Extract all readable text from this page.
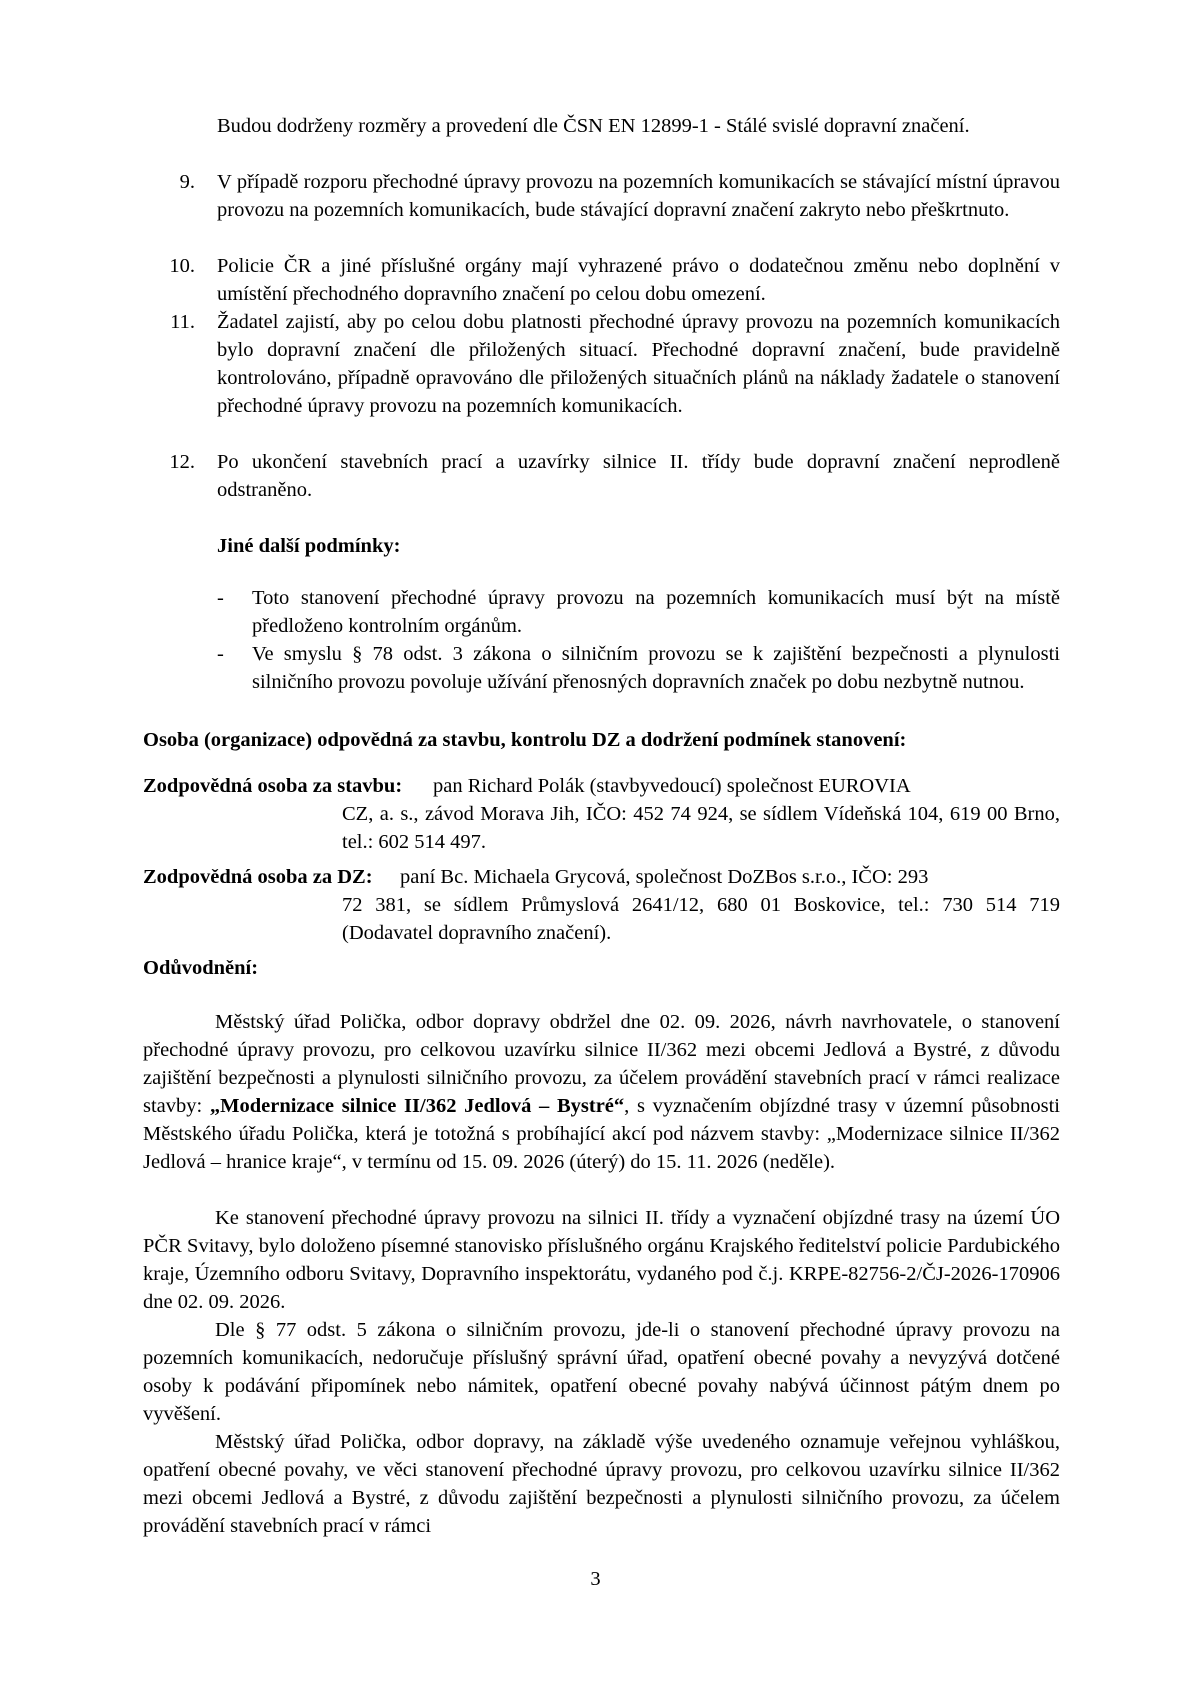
Budou dodrženy rozměry a provedení dle ČSN EN 12899-1 - Stálé svislé dopravní značení.

9. V případě rozporu přechodné úpravy provozu na pozemních komunikacích se stávající místní úpravou provozu na pozemních komunikacích, bude stávající dopravní značení zakryto nebo přeškrtnuto.

10. Policie ČR a jiné příslušné orgány mají vyhrazené právo o dodatečnou změnu nebo doplnění v umístění přechodného dopravního značení po celou dobu omezení.

11. Žadatel zajistí, aby po celou dobu platnosti přechodné úpravy provozu na pozemních komunikacích bylo dopravní značení dle přiložených situací. Přechodné dopravní značení, bude pravidelně kontrolováno, případně opravováno dle přiložených situačních plánů na náklady žadatele o stanovení přechodné úpravy provozu na pozemních komunikacích.

12. Po ukončení stavebních prací a uzavírky silnice II. třídy bude dopravní značení neprodleně odstraněno.

Jiné další podmínky:

- Toto stanovení přechodné úpravy provozu na pozemních komunikacích musí být na místě předloženo kontrolním orgánům.

- Ve smyslu § 78 odst. 3 zákona o silničním provozu se k zajištění bezpečnosti a plynulosti silničního provozu povoluje užívání přenosných dopravních značek po dobu nezbytně nutnou.

Osoba (organizace) odpovědná za stavbu, kontrolu DZ a dodržení podmínek stanovení:

Zodpovědná osoba za stavbu: pan Richard Polák (stavbyvedoucí) společnost EUROVIA

CZ, a. s., závod Morava Jih, IČO: 452 74 924, se sídlem Vídeňská 104, 619 00 Brno, tel.: 602 514 497.

Zodpovědná osoba za DZ: paní Bc. Michaela Grycová, společnost DoZBos s.r.o., IČO: 293

72 381, se sídlem Průmyslová 2641/12, 680 01 Boskovice, tel.: 730 514 719 (Dodavatel dopravního značení).

Odůvodnění:

Městský úřad Polička, odbor dopravy obdržel dne 02. 09. 2026, návrh navrhovatele, o stanovení přechodné úpravy provozu, pro celkovou uzavírku silnice II/362 mezi obcemi Jedlová a Bystré, z důvodu zajištění bezpečnosti a plynulosti silničního provozu, za účelem provádění stavebních prací v rámci realizace stavby: „Modernizace silnice II/362 Jedlová – Bystré“, s vyznačením objízdné trasy v územní působnosti Městského úřadu Polička, která je totožná s probíhající akcí pod názvem stavby: „Modernizace silnice II/362 Jedlová – hranice kraje“, v termínu od 15. 09. 2026 (úterý) do 15. 11. 2026 (neděle).

Ke stanovení přechodné úpravy provozu na silnici II. třídy a vyznačení objízdné trasy na území ÚO PČR Svitavy, bylo doloženo písemné stanovisko příslušného orgánu Krajského ředitelství policie Pardubického kraje, Územního odboru Svitavy, Dopravního inspektorátu, vydaného pod č.j. KRPE-82756-2/ČJ-2026-170906 dne 02. 09. 2026.

Dle § 77 odst. 5 zákona o silničním provozu, jde-li o stanovení přechodné úpravy provozu na pozemních komunikacích, nedoručuje příslušný správní úřad, opatření obecné povahy a nevyzývá dotčené osoby k podávání připomínek nebo námitek, opatření obecné povahy nabývá účinnost pátým dnem po vyvěšení.

Městský úřad Polička, odbor dopravy, na základě výše uvedeného oznamuje veřejnou vyhláškou, opatření obecné povahy, ve věci stanovení přechodné úpravy provozu, pro celkovou uzavírku silnice II/362 mezi obcemi Jedlová a Bystré, z důvodu zajištění bezpečnosti a plynulosti silničního provozu, za účelem provádění stavebních prací v rámci

3
